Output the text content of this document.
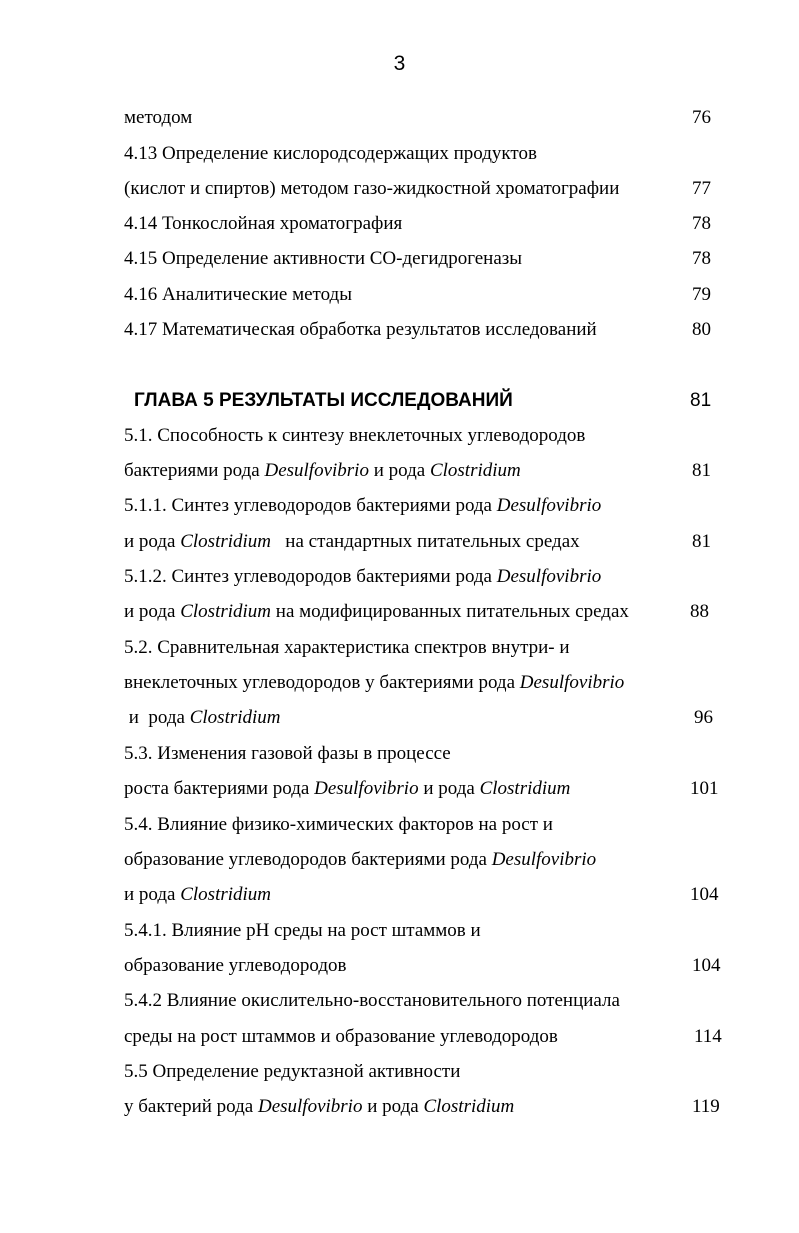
3
методом	76
4.13 Определение кислородсодержащих продуктов
(кислот и спиртов) методом газо-жидкостной хроматографии	77
4.14 Тонкослойная хроматография	78
4.15 Определение активности СО-дегидрогеназы	78
4.16 Аналитические методы	79
4.17 Математическая обработка результатов исследований	80
ГЛАВА 5 РЕЗУЛЬТАТЫ ИССЛЕДОВАНИЙ	81
5.1. Способность к синтезу внеклеточных углеводородов
бактериями рода Desulfovibrio и рода Clostridium	81
5.1.1. Синтез углеводородов бактериями рода Desulfovibrio
и рода Clostridium   на стандартных питательных средах	81
5.1.2. Синтез углеводородов бактериями рода Desulfovibrio
и рода Clostridium на модифицированных питательных средах	88
5.2. Сравнительная характеристика спектров внутри- и
внеклеточных углеводородов у бактериями рода Desulfovibrio
и  рода Clostridium	96
5.3. Изменения газовой фазы в процессе
роста бактериями рода Desulfovibrio и рода Clostridium	101
5.4. Влияние физико-химических факторов на рост и
образование углеводородов бактериями рода Desulfovibrio
и рода Clostridium	104
5.4.1. Влияние pH среды на рост штаммов и
образование углеводородов	104
5.4.2 Влияние окислительно-восстановительного потенциала
среды на рост штаммов и образование углеводородов	114
5.5 Определение редуктазной активности
у бактерий рода Desulfovibrio и рода Clostridium	119
